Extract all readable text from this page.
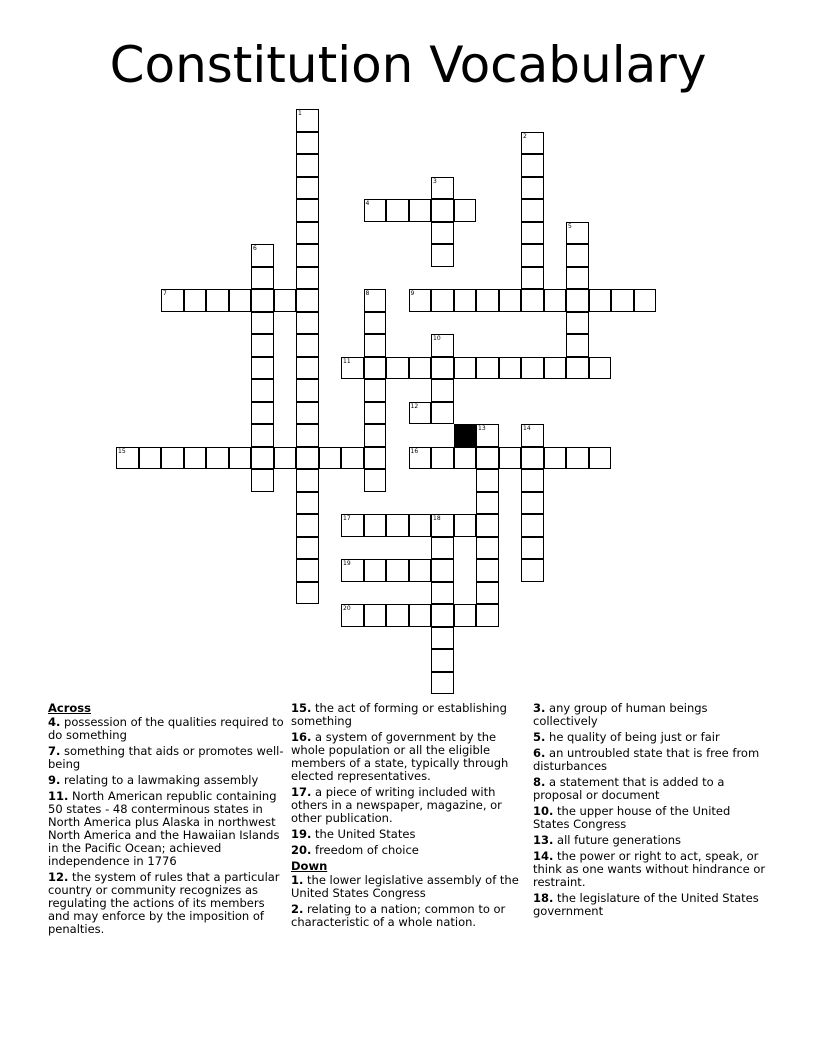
Constitution Vocabulary
4
7	9
11
12
15	16
17	18
19
20
1
2
3
5
6
8
10
13	14
Across
4. possession of the qualities required to do something
7. something that aids or promotes well-being
9. relating to a lawmaking assembly
11. North American republic containing 50 states - 48 conterminous states in North America plus Alaska in northwest North America and the Hawaiian Islands in the Pacific Ocean; achieved independence in 1776
12. the system of rules that a particular country or community recognizes as regulating the actions of its members and may enforce by the imposition of penalties.
15. the act of forming or establishing something
16. a system of government by the whole population or all the eligible members of a state, typically through elected representatives.
17. a piece of writing included with others in a newspaper, magazine, or other publication.
19. the United States
20. freedom of choice
Down
1. the lower legislative assembly of the United States Congress
2. relating to a nation; common to or characteristic of a whole nation.
3. any group of human beings collectively
5. he quality of being just or fair
6. an untroubled state that is free from disturbances
8. a statement that is added to a proposal or document
10. the upper house of the United States Congress
13. all future generations
14. the power or right to act, speak, or think as one wants without hindrance or restraint.
18. the legislature of the United States government
